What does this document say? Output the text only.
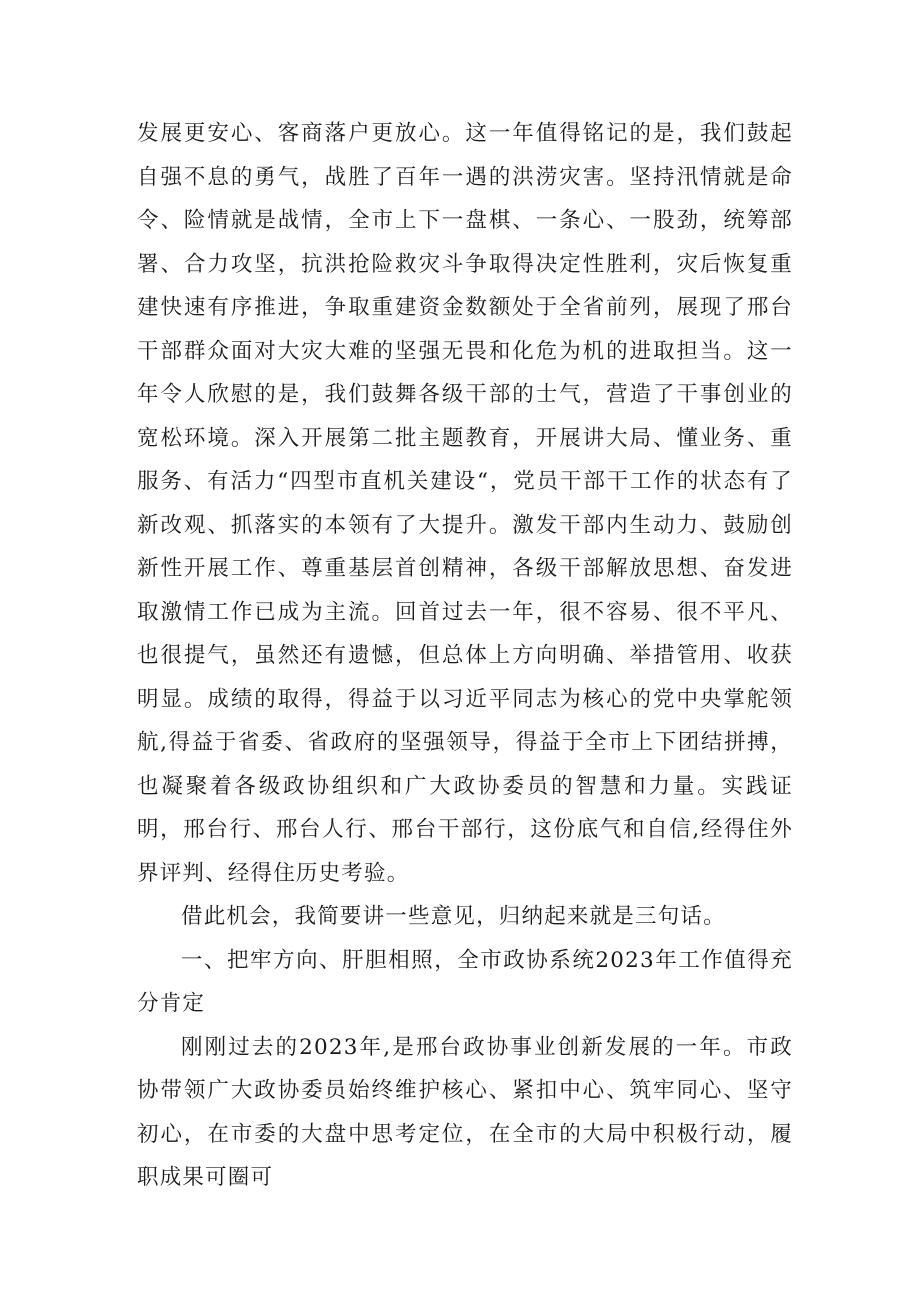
发展更安心、客商落户更放心。这一年值得铭记的是，我们鼓起自强不息的勇气，战胜了百年一遇的洪涝灾害。坚持汛情就是命令、险情就是战情，全市上下一盘棋、一条心、一股劲，统筹部署、合力攻坚，抗洪抢险救灾斗争取得决定性胜利，灾后恢复重建快速有序推进，争取重建资金数额处于全省前列，展现了邢台干部群众面对大灾大难的坚强无畏和化危为机的进取担当。这一年令人欣慰的是，我们鼓舞各级干部的士气，营造了干事创业的宽松环境。深入开展第二批主题教育，开展讲大局、懂业务、重服务、有活力“四型市直机关建设“，党员干部干工作的状态有了新改观、抓落实的本领有了大提升。激发干部内生动力、鼓励创新性开展工作、尊重基层首创精神，各级干部解放思想、奋发进取激情工作已成为主流。回首过去一年，很不容易、很不平凡、也很提气，虽然还有遗憾，但总体上方向明确、举措管用、收获明显。成绩的取得，得益于以习近平同志为核心的党中央掌舵领航,得益于省委、省政府的坚强领导，得益于全市上下团结拼搏，也凝聚着各级政协组织和广大政协委员的智慧和力量。实践证明，邢台行、邢台人行、邢台干部行，这份底气和自信,经得住外界评判、经得住历史考验。

借此机会，我简要讲一些意见，归纳起来就是三句话。

一、把牢方向、肝胆相照，全市政协系统2023年工作值得充分肯定

刚刚过去的2023年,是邢台政协事业创新发展的一年。市政协带领广大政协委员始终维护核心、紧扣中心、筑牢同心、坚守初心，在市委的大盘中思考定位，在全市的大局中积极行动，履职成果可圈可
